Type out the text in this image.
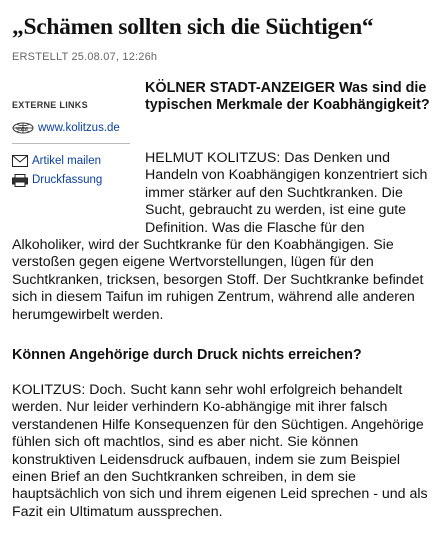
„Schämen sollten sich die Süchtigen“
ERSTELLT 25.08.07, 12:26h
EXTERNE LINKS
www www.kolitzus.de
Artikel mailen
Druckfassung
KÖLNER STADT-ANZEIGER Was sind die typischen Merkmale der Koabhängigkeit?
HELMUT KOLITZUS: Das Denken und Handeln von Koabhängigen konzentriert sich immer stärker auf den Suchtkranken. Die Sucht, gebraucht zu werden, ist eine gute Definition. Was die Flasche für den Alkoholiker, wird der Suchtkranke für den Koabhängigen. Sie verstoßen gegen eigene Wertvorstellungen, lügen für den Suchtkranken, tricksen, besorgen Stoff. Der Suchtkranke befindet sich in diesem Taifun im ruhigen Zentrum, während alle anderen herumgewirbelt werden.
Können Angehörige durch Druck nichts erreichen?
KOLITZUS: Doch. Sucht kann sehr wohl erfolgreich behandelt werden. Nur leider verhindern Ko-abhängige mit ihrer falsch verstandenen Hilfe Konsequenzen für den Süchtigen. Angehörige fühlen sich oft machtlos, sind es aber nicht. Sie können konstruktiven Leidensdruck aufbauen, indem sie zum Beispiel einen Brief an den Suchtkranken schreiben, in dem sie hauptsächlich von sich und ihrem eigenen Leid sprechen - und als Fazit ein Ultimatum aussprechen.
